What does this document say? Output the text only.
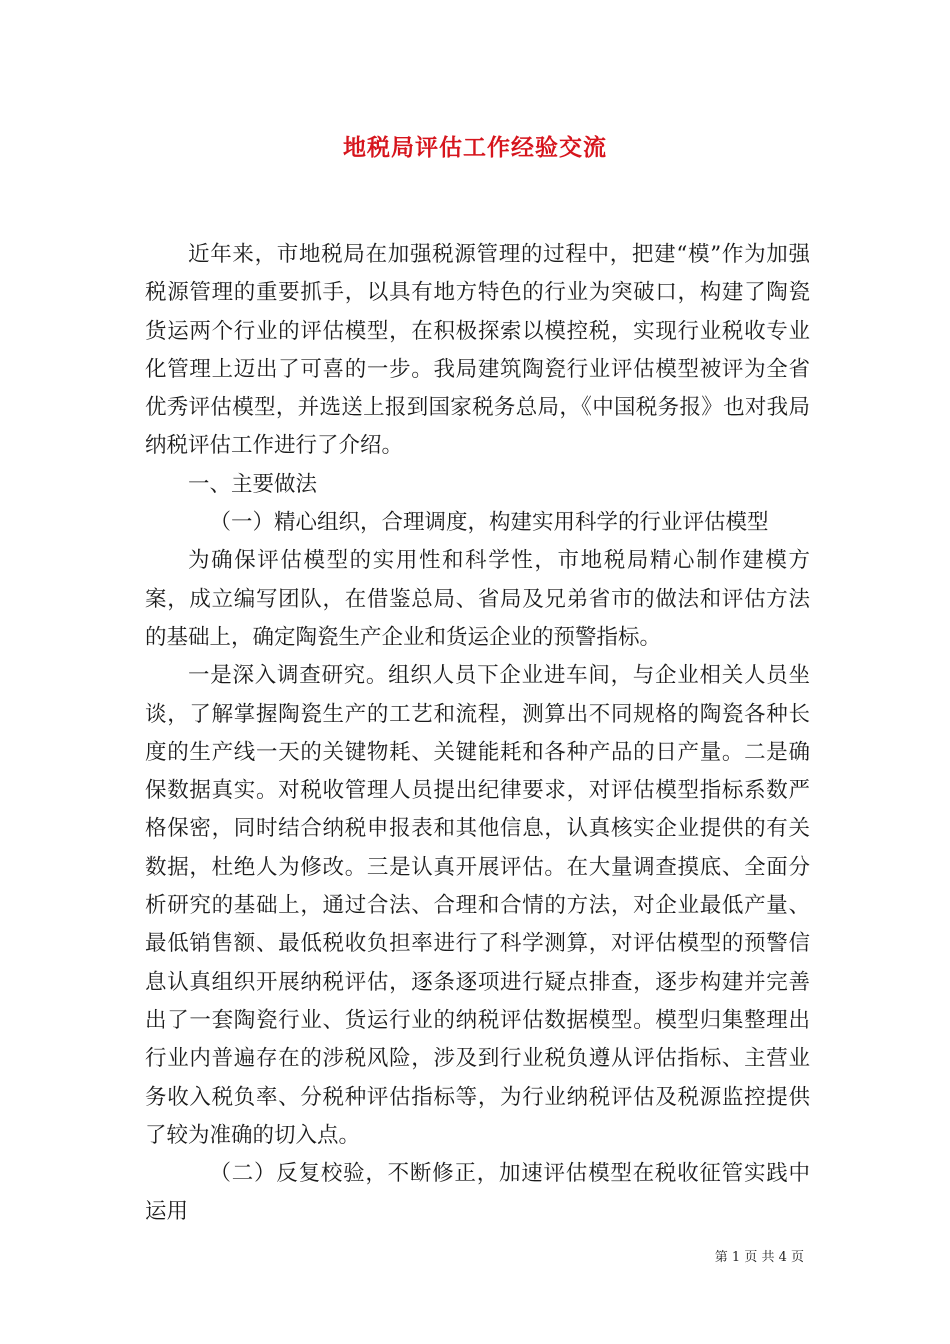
地税局评估工作经验交流

近年来，市地税局在加强税源管理的过程中，把建“模”作为加强税源管理的重要抓手，以具有地方特色的行业为突破口，构建了陶瓷货运两个行业的评估模型，在积极探索以模控税，实现行业税收专业化管理上迈出了可喜的一步。我局建筑陶瓷行业评估模型被评为全省优秀评估模型，并选送上报到国家税务总局，《中国税务报》也对我局纳税评估工作进行了介绍。

一、主要做法

（一）精心组织，合理调度，构建实用科学的行业评估模型

为确保评估模型的实用性和科学性，市地税局精心制作建模方案，成立编写团队，在借鉴总局、省局及兄弟省市的做法和评估方法的基础上，确定陶瓷生产企业和货运企业的预警指标。

一是深入调查研究。组织人员下企业进车间，与企业相关人员坐谈，了解掌握陶瓷生产的工艺和流程，测算出不同规格的陶瓷各种长度的生产线一天的关键物耗、关键能耗和各种产品的日产量。二是确保数据真实。对税收管理人员提出纪律要求，对评估模型指标系数严格保密，同时结合纳税申报表和其他信息，认真核实企业提供的有关数据，杜绝人为修改。三是认真开展评估。在大量调查摸底、全面分析研究的基础上，通过合法、合理和合情的方法，对企业最低产量、最低销售额、最低税收负担率进行了科学测算，对评估模型的预警信息认真组织开展纳税评估，逐条逐项进行疑点排查，逐步构建并完善出了一套陶瓷行业、货运行业的纳税评估数据模型。模型归集整理出行业内普遍存在的涉税风险，涉及到行业税负遵从评估指标、主营业务收入税负率、分税种评估指标等，为行业纳税评估及税源监控提供了较为准确的切入点。

（二）反复校验，不断修正，加速评估模型在税收征管实践中运用

第 1 页 共 4 页
